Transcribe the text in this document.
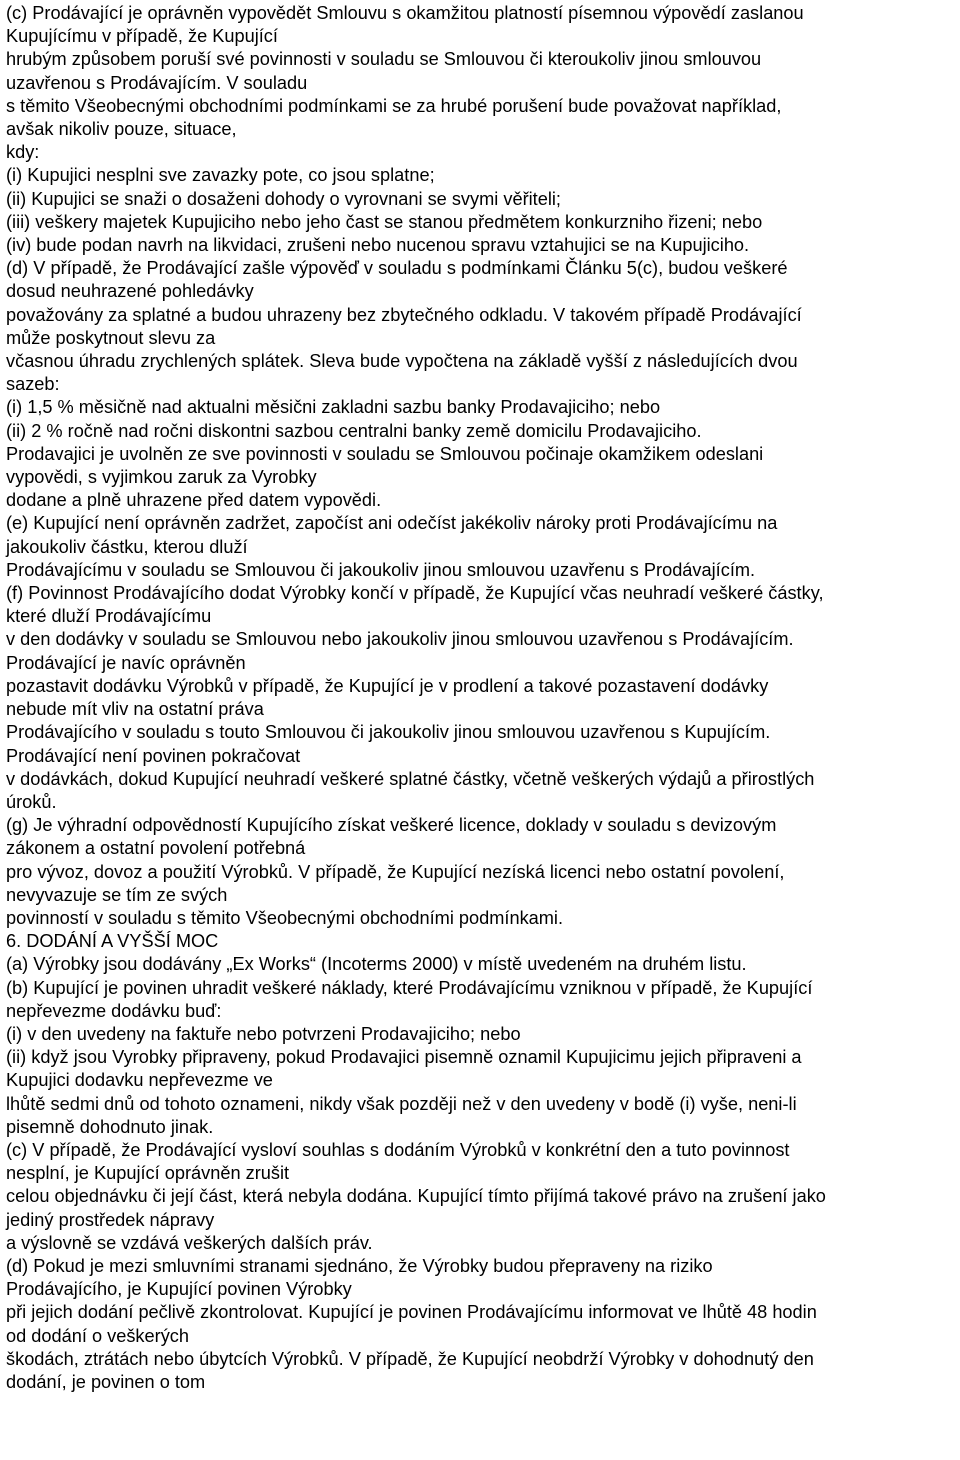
(c) Prodávající je oprávněn vypovědět Smlouvu s okamžitou platností písemnou výpovědí zaslanou
Kupujícímu v případě, že Kupující
hrubým způsobem poruší své povinnosti v souladu se Smlouvou či kteroukoliv jinou smlouvou
uzavřenou s Prodávajícím. V souladu
s těmito Všeobecnými obchodními podmínkami se za hrubé porušení bude považovat například,
avšak nikoliv pouze, situace,
kdy:
(i) Kupujici nesplni sve zavazky pote, co jsou splatne;
(ii) Kupujici se snaži o dosaženi dohody o vyrovnani se svymi věřiteli;
(iii) veškery majetek Kupujiciho nebo jeho čast se stanou předmětem konkurzniho řizeni; nebo
(iv) bude podan navrh na likvidaci, zrušeni nebo nucenou spravu vztahujici se na Kupujiciho.
(d) V případě, že Prodávající zašle výpověď v souladu s podmínkami Článku 5(c), budou veškeré
dosud neuhrazené pohledávky
považovány za splatné a budou uhrazeny bez zbytečného odkladu. V takovém případě Prodávající
může poskytnout slevu za
včasnou úhradu zrychlených splátek. Sleva bude vypočtena na základě vyšší z následujících dvou
sazeb:
(i) 1,5 % měsičně nad aktualni měsični zakladni sazbu banky Prodavajiciho; nebo
(ii) 2 % ročně nad ročni diskontni sazbou centralni banky země domicilu Prodavajiciho.
Prodavajici je uvolněn ze sve povinnosti v souladu se Smlouvou počinaje okamžikem odeslani
vypovědi, s vyjimkou zaruk za Vyrobky
dodane a plně uhrazene před datem vypovědi.
(e) Kupující není oprávněn zadržet, započíst ani odečíst jakékoliv nároky proti Prodávajícímu na
jakoukoliv částku, kterou dluží
Prodávajícímu v souladu se Smlouvou či jakoukoliv jinou smlouvou uzavřenu s Prodávajícím.
(f) Povinnost Prodávajícího dodat Výrobky končí v případě, že Kupující včas neuhradí veškeré částky,
které dluží Prodávajícímu
v den dodávky v souladu se Smlouvou nebo jakoukoliv jinou smlouvou uzavřenou s Prodávajícím.
Prodávající je navíc oprávněn
pozastavit dodávku Výrobků v případě, že Kupující je v prodlení a takové pozastavení dodávky
nebude mít vliv na ostatní práva
Prodávajícího v souladu s touto Smlouvou či jakoukoliv jinou smlouvou uzavřenou s Kupujícím.
Prodávající není povinen pokračovat
v dodávkách, dokud Kupující neuhradí veškeré splatné částky, včetně veškerých výdajů a přirostlých
úroků.
(g) Je výhradní odpovědností Kupujícího získat veškeré licence, doklady v souladu s devizovým
zákonem a ostatní povolení potřebná
pro vývoz, dovoz a použití Výrobků. V případě, že Kupující nezíská licenci nebo ostatní povolení,
nevyvazuje se tím ze svých
povinností v souladu s těmito Všeobecnými obchodními podmínkami.
6. DODÁNÍ A VYŠŠÍ MOC
(a) Výrobky jsou dodávány „Ex Works“ (Incoterms 2000) v místě uvedeném na druhém listu.
(b) Kupující je povinen uhradit veškeré náklady, které Prodávajícímu vzniknou v případě, že Kupující
nepřevezme dodávku buď:
(i) v den uvedeny na faktuře nebo potvrzeni Prodavajiciho; nebo
(ii) když jsou Vyrobky připraveny, pokud Prodavajici pisemně oznamil Kupujicimu jejich připraveni a
Kupujici dodavku nepřevezme ve
lhůtě sedmi dnů od tohoto oznameni, nikdy však později než v den uvedeny v bodě (i) vyše, neni-li
pisemně dohodnuto jinak.
(c) V případě, že Prodávající vysloví souhlas s dodáním Výrobků v konkrétní den a tuto povinnost
nesplní, je Kupující oprávněn zrušit
celou objednávku či její část, která nebyla dodána. Kupující tímto přijímá takové právo na zrušení jako
jediný prostředek nápravy
a výslovně se vzdává veškerých dalších práv.
(d) Pokud je mezi smluvními stranami sjednáno, že Výrobky budou přepraveny na riziko
Prodávajícího, je Kupující povinen Výrobky
při jejich dodání pečlivě zkontrolovat. Kupující je povinen Prodávajícímu informovat ve lhůtě 48 hodin
od dodání o veškerých
škodách, ztrátách nebo úbytcích Výrobků. V případě, že Kupující neobdrží Výrobky v dohodnutý den
dodání, je povinen o tom
